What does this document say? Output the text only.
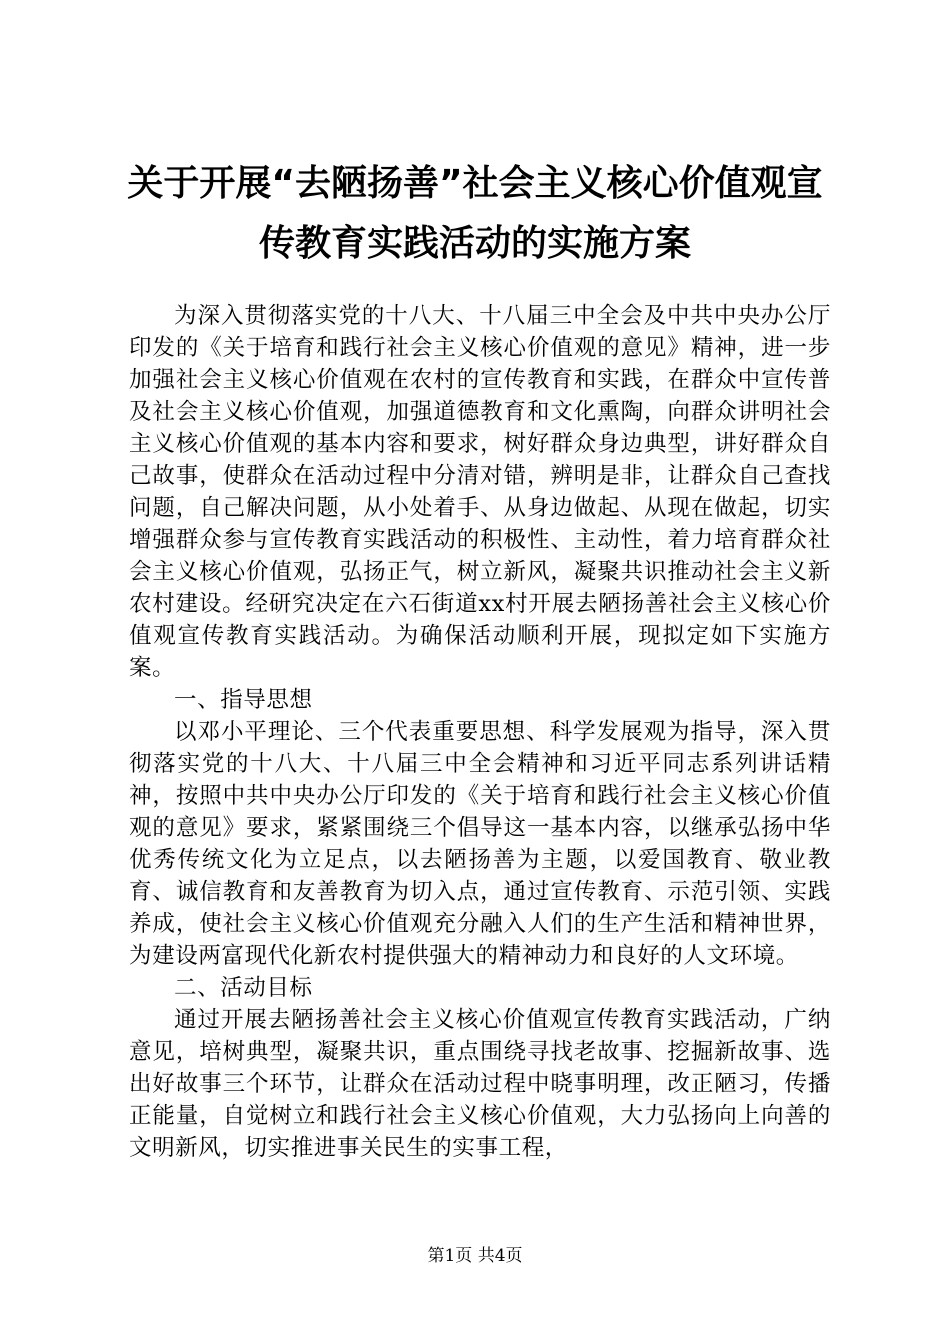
关于开展“去陋扬善”社会主义核心价值观宣
传教育实践活动的实施方案

为深入贯彻落实党的十八大、十八届三中全会及中共中央办公厅印发的《关于培育和践行社会主义核心价值观的意见》精神，进一步加强社会主义核心价值观在农村的宣传教育和实践，在群众中宣传普及社会主义核心价值观，加强道德教育和文化熏陶，向群众讲明社会主义核心价值观的基本内容和要求，树好群众身边典型，讲好群众自己故事，使群众在活动过程中分清对错，辨明是非，让群众自己查找问题，自己解决问题，从小处着手、从身边做起、从现在做起，切实增强群众参与宣传教育实践活动的积极性、主动性，着力培育群众社会主义核心价值观，弘扬正气，树立新风，凝聚共识推动社会主义新农村建设。经研究决定在六石街道xx村开展去陋扬善社会主义核心价值观宣传教育实践活动。为确保活动顺利开展，现拟定如下实施方案。

一、指导思想

以邓小平理论、三个代表重要思想、科学发展观为指导，深入贯彻落实党的十八大、十八届三中全会精神和习近平同志系列讲话精神，按照中共中央办公厅印发的《关于培育和践行社会主义核心价值观的意见》要求，紧紧围绕三个倡导这一基本内容，以继承弘扬中华优秀传统文化为立足点，以去陋扬善为主题，以爱国教育、敬业教育、诚信教育和友善教育为切入点，通过宣传教育、示范引领、实践养成，使社会主义核心价值观充分融入人们的生产生活和精神世界，为建设两富现代化新农村提供强大的精神动力和良好的人文环境。

二、活动目标

通过开展去陋扬善社会主义核心价值观宣传教育实践活动，广纳意见，培树典型，凝聚共识，重点围绕寻找老故事、挖掘新故事、选出好故事三个环节，让群众在活动过程中晓事明理，改正陋习，传播正能量，自觉树立和践行社会主义核心价值观，大力弘扬向上向善的文明新风，切实推进事关民生的实事工程，

第1页 共4页
